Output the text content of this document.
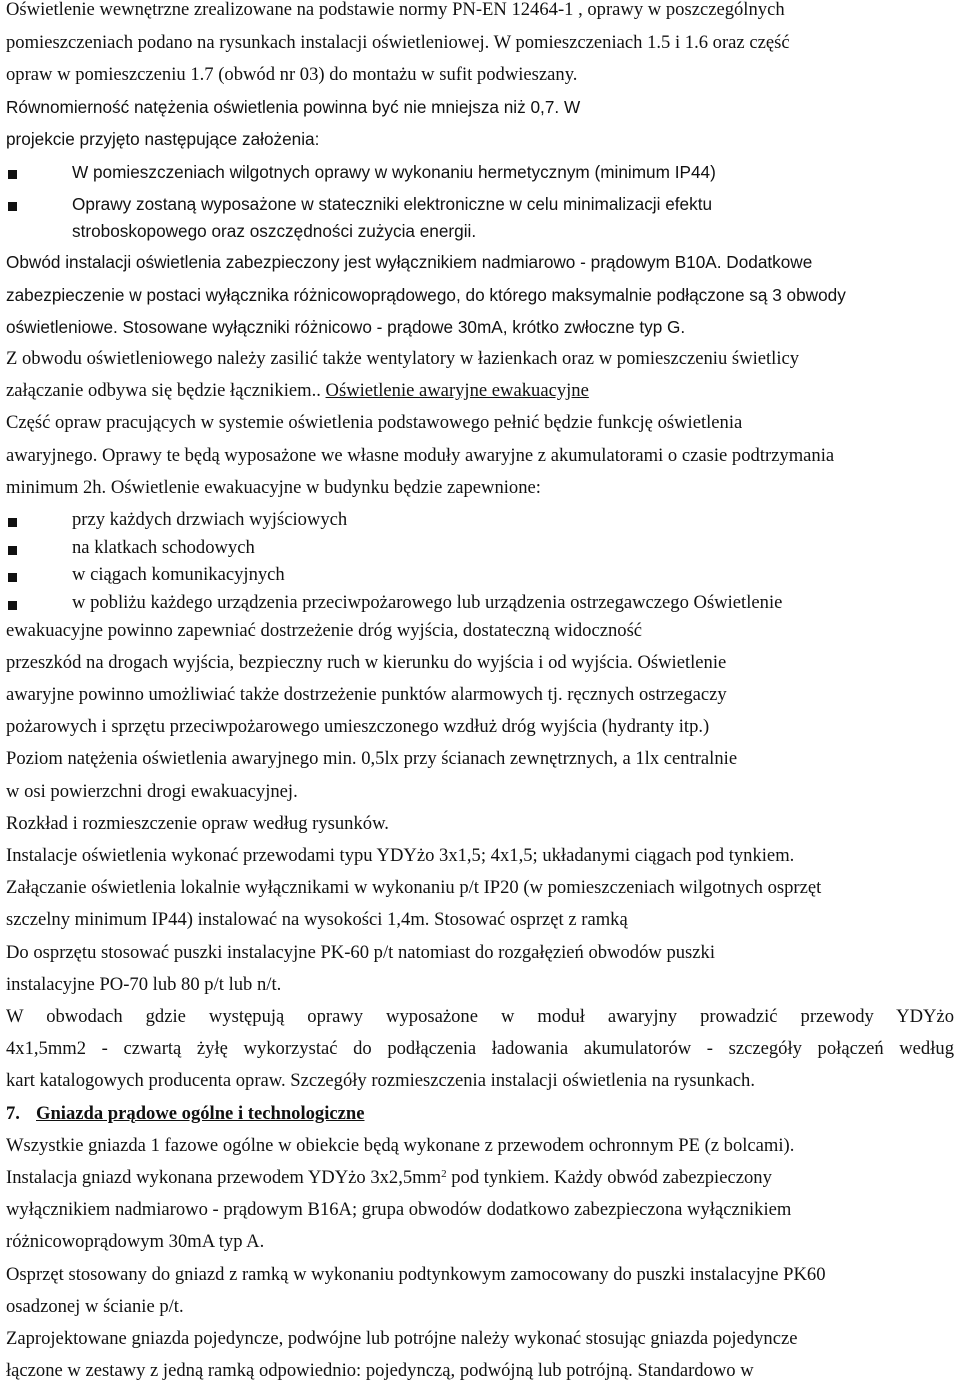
Oświetlenie wewnętrzne zrealizowane na podstawie normy PN-EN 12464-1 , oprawy w poszczególnych
pomieszczeniach podano na rysunkach instalacji oświetleniowej. W pomieszczeniach 1.5 i 1.6 oraz część
opraw w pomieszczeniu 1.7 (obwód nr 03) do montażu w sufit podwieszany.
Równomierność natężenia oświetlenia powinna być nie mniejsza niż 0,7. W
projekcie przyjęto następujące założenia:
W pomieszczeniach wilgotnych oprawy w wykonaniu hermetycznym (minimum IP44)
Oprawy zostaną wyposażone w stateczniki elektroniczne w celu minimalizacji efektu
stroboskopowego oraz oszczędności zużycia energii.
Obwód instalacji oświetlenia zabezpieczony jest wyłącznikiem nadmiarowo - prądowym B10A. Dodatkowe
zabezpieczenie w postaci wyłącznika różnicowoprądowego, do którego maksymalnie podłączone są 3 obwody
oświetleniowe. Stosowane wyłączniki różnicowo - prądowe 30mA, krótko zwłoczne typ G.
Z obwodu oświetleniowego należy zasilić także wentylatory w łazienkach oraz w pomieszczeniu świetlicy
załączanie odbywa się będzie łącznikiem.. Oświetlenie awaryjne ewakuacyjne
Część opraw pracujących w systemie oświetlenia podstawowego pełnić będzie funkcję oświetlenia
awaryjnego. Oprawy te będą wyposażone we własne moduły awaryjne z akumulatorami o czasie podtrzymania
minimum 2h. Oświetlenie ewakuacyjne w budynku będzie zapewnione:
przy każdych drzwiach wyjściowych
na klatkach schodowych
w ciągach komunikacyjnych
w pobliżu każdego urządzenia przeciwpożarowego lub urządzenia ostrzegawczego Oświetlenie
ewakuacyjne powinno zapewniać dostrzeżenie dróg wyjścia, dostateczną widoczność
przeszkód na drogach wyjścia, bezpieczny ruch w kierunku do wyjścia i od wyjścia. Oświetlenie
awaryjne powinno umożliwiać także dostrzeżenie punktów alarmowych tj. ręcznych ostrzegaczy
pożarowych i sprzętu przeciwpożarowego umieszczonego wzdłuż dróg wyjścia (hydranty itp.)
Poziom natężenia oświetlenia awaryjnego min. 0,5lx przy ścianach zewnętrznych, a 1lx centralnie
w osi powierzchni drogi ewakuacyjnej.
Rozkład i rozmieszczenie opraw według rysunków.
Instalacje oświetlenia wykonać przewodami typu YDYżo 3x1,5; 4x1,5; układanymi ciągach pod tynkiem.
Załączanie oświetlenia lokalnie wyłącznikami w wykonaniu p/t IP20 (w pomieszczeniach wilgotnych osprzęt
szczelny minimum IP44) instalować na wysokości 1,4m. Stosować osprzęt z ramką
Do osprzętu stosować puszki instalacyjne PK-60 p/t natomiast do rozgałęzień obwodów puszki
instalacyjne PO-70 lub 80 p/t lub n/t.
W obwodach gdzie występują oprawy wyposażone w moduł awaryjny prowadzić przewody YDYżo
4x1,5mm2 - czwartą żyłę wykorzystać do podłączenia ładowania akumulatorów - szczegóły połączeń według
kart katalogowych producenta opraw. Szczegóły rozmieszczenia instalacji oświetlenia na rysunkach.
7. Gniazda prądowe ogólne i technologiczne
Wszystkie gniazda 1 fazowe ogólne w obiekcie będą wykonane z przewodem ochronnym PE (z bolcami).
Instalacja gniazd wykonana przewodem YDYżo $3x2,5mm^2$ pod tynkiem. Każdy obwód zabezpieczony
wyłącznikiem nadmiarowo - prądowym B16A; grupa obwodów dodatkowo zabezpieczona wyłącznikiem
różnicowoprądowym 30mA typ A.
Osprzęt stosowany do gniazd z ramką w wykonaniu podtynkowym zamocowany do puszki instalacyjne PK60
osadzonej w ścianie p/t.
Zaprojektowane gniazda pojedyncze, podwójne lub potrójne należy wykonać stosując gniazda pojedyncze
łączone w zestawy z jedną ramką odpowiednio: pojedynczą, podwójną lub potrójną. Standardowo w
